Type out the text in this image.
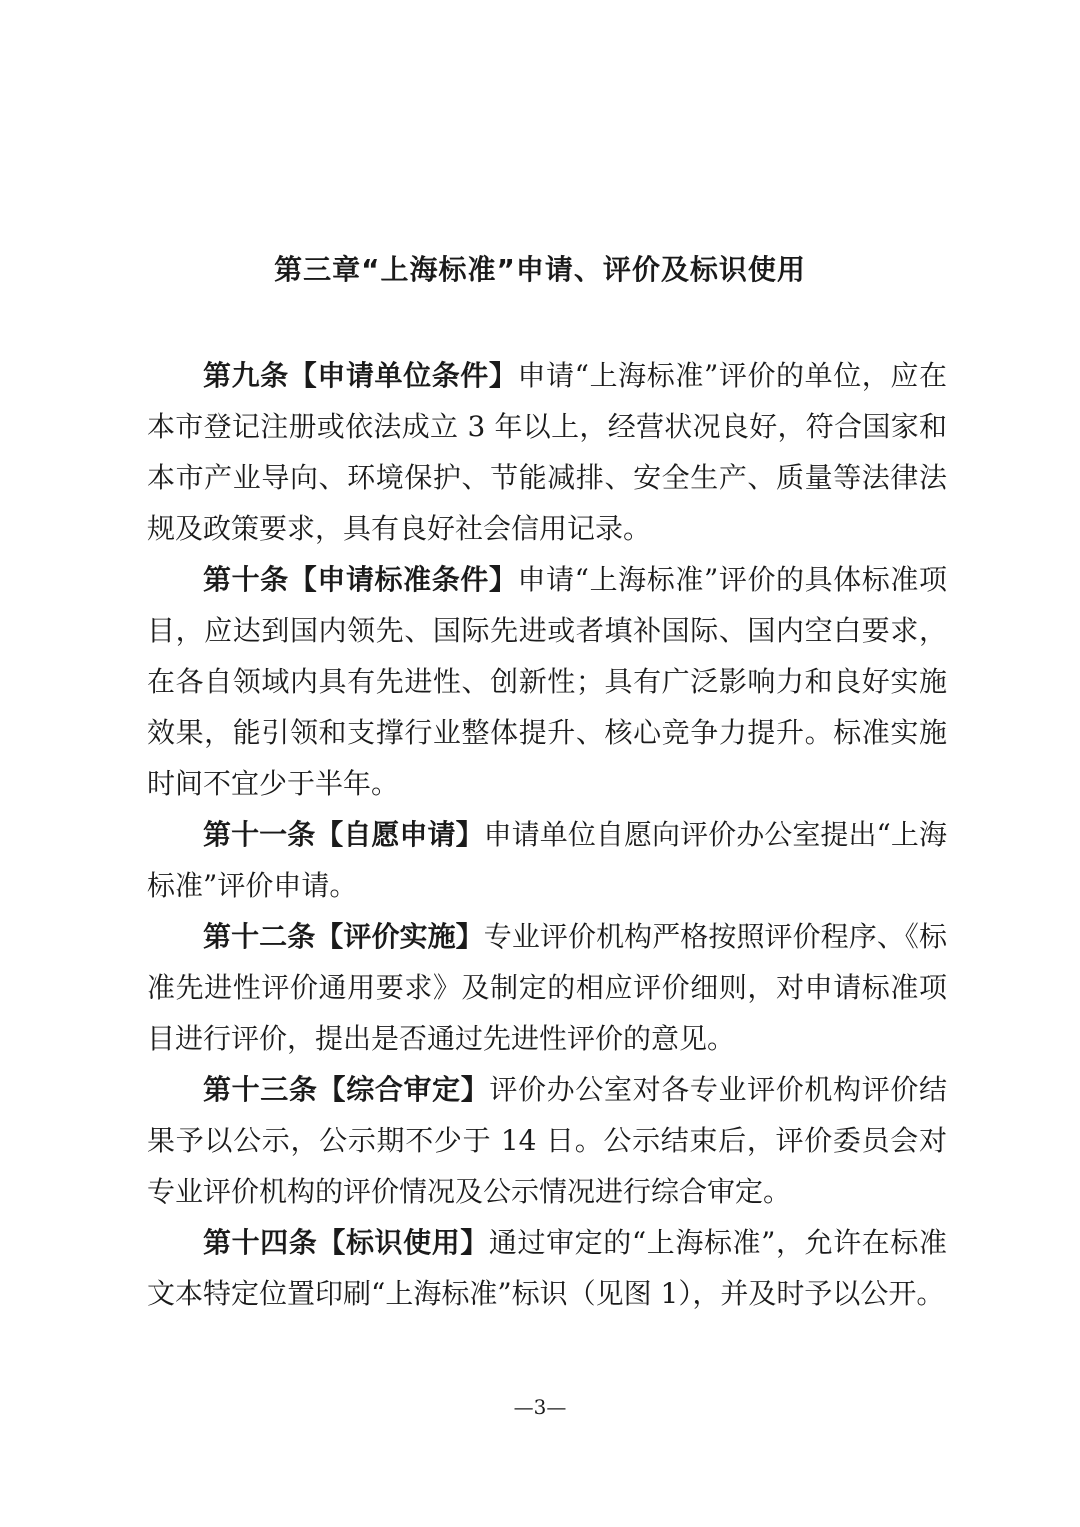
第三章“上海标准”申请、评价及标识使用

第九条【申请单位条件】申请“上海标准”评价的单位，应在本市登记注册或依法成立 3 年以上，经营状况良好，符合国家和本市产业导向、环境保护、节能减排、安全生产、质量等法律法规及政策要求，具有良好社会信用记录。

第十条【申请标准条件】申请“上海标准”评价的具体标准项目，应达到国内领先、国际先进或者填补国际、国内空白要求，在各自领域内具有先进性、创新性；具有广泛影响力和良好实施效果，能引领和支撑行业整体提升、核心竞争力提升。标准实施时间不宜少于半年。

第十一条【自愿申请】申请单位自愿向评价办公室提出“上海标准”评价申请。

第十二条【评价实施】专业评价机构严格按照评价程序、《标准先进性评价通用要求》及制定的相应评价细则，对申请标准项目进行评价，提出是否通过先进性评价的意见。

第十三条【综合审定】评价办公室对各专业评价机构评价结果予以公示，公示期不少于 14 日。公示结束后，评价委员会对专业评价机构的评价情况及公示情况进行综合审定。

第十四条【标识使用】通过审定的“上海标准”，允许在标准文本特定位置印刷“上海标准”标识（见图 1），并及时予以公开。

—3—
